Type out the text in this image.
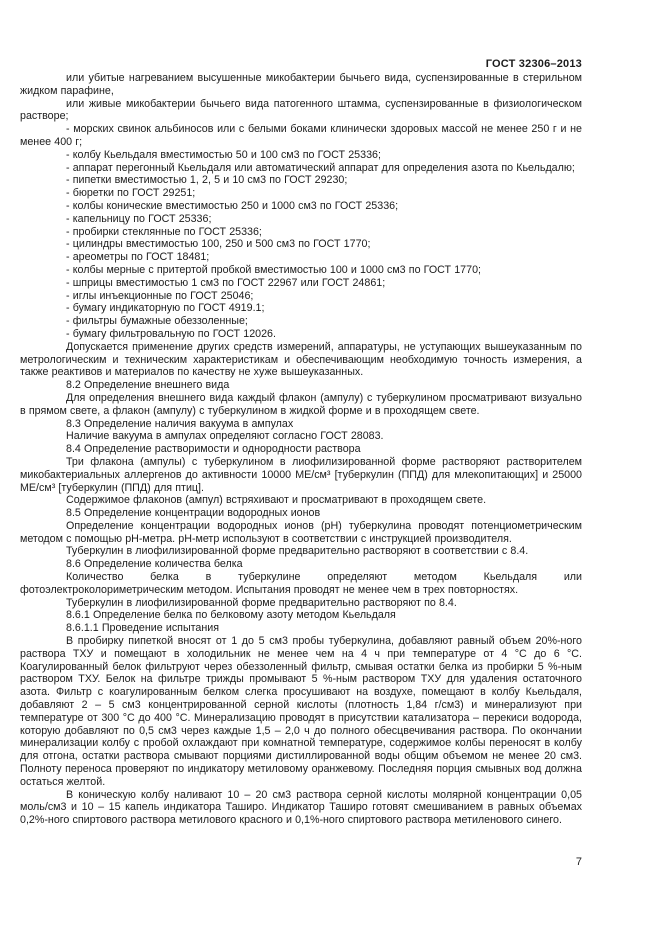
ГОСТ 32306–2013

или убитые нагреванием высушенные микобактерии бычьего вида, суспензированные в стерильном жидком парафине,

или живые микобактерии бычьего вида патогенного штамма, суспензированные в физиологическом растворе;

- морских свинок альбиносов или с белыми боками клинически здоровых массой не менее 250 г и не менее 400 г;

- колбу Кьельдаля вместимостью 50 и 100 см3 по ГОСТ 25336;

- аппарат перегонный Кьельдаля или автоматический аппарат для определения азота по Кьельдалю;

- пипетки вместимостью 1, 2, 5 и 10 см3 по ГОСТ 29230;

- бюретки по ГОСТ 29251;

- колбы конические вместимостью 250 и 1000 см3 по ГОСТ 25336;

- капельницу по ГОСТ 25336;

- пробирки стеклянные по ГОСТ 25336;

- цилиндры вместимостью 100, 250 и 500 см3 по ГОСТ 1770;

- ареометры по ГОСТ 18481;

- колбы мерные с притертой пробкой вместимостью 100 и 1000 см3 по ГОСТ 1770;

- шприцы вместимостью 1 см3 по ГОСТ 22967 или ГОСТ 24861;

- иглы инъекционные по ГОСТ 25046;

- бумагу индикаторную по ГОСТ 4919.1;

- фильтры бумажные обеззоленные;

- бумагу фильтровальную по ГОСТ 12026.

Допускается применение других средств измерений, аппаратуры, не уступающих вышеуказанным по метрологическим и техническим характеристикам и обеспечивающим необходимую точность измерения, а также реактивов и материалов по качеству не хуже вышеуказанных.

8.2 Определение внешнего вида

Для определения внешнего вида каждый флакон (ампулу) с туберкулином просматривают визуально в прямом свете, а флакон (ампулу) с туберкулином в жидкой форме и в проходящем свете.

8.3 Определение наличия вакуума в ампулах

Наличие вакуума в ампулах определяют согласно ГОСТ 28083.

8.4 Определение растворимости и однородности раствора

Три флакона (ампулы) с туберкулином в лиофилизированной форме растворяют растворителем микобактериальных аллергенов до активности 10000 МЕ/см³ [туберкулин (ППД) для млекопитающих] и 25000 МЕ/см³ [туберкулин (ППД) для птиц].

Содержимое флаконов (ампул) встряхивают и просматривают в проходящем свете.

8.5 Определение концентрации водородных ионов

Определение концентрации водородных ионов (рН) туберкулина проводят потенциометрическим методом с помощью рН-метра. рН-метр используют в соответствии с инструкцией производителя.

Туберкулин в лиофилизированной форме предварительно растворяют в соответствии с 8.4.

8.6 Определение количества белка

Количество белка в туберкулине определяют методом Кьельдаля или фотоэлектроколориметрическим методом. Испытания проводят не менее чем в трех повторностях.

Туберкулин в лиофилизированной форме предварительно растворяют по 8.4.

8.6.1 Определение белка по белковому азоту методом Кьельдаля

8.6.1.1 Проведение испытания

В пробирку пипеткой вносят от 1 до 5 см3 пробы туберкулина, добавляют равный объем 20%-ного раствора ТХУ и помещают в холодильник не менее чем на 4 ч при температуре от 4 °С до 6 °С. Коагулированный белок фильтруют через обеззоленный фильтр, смывая остатки белка из пробирки 5 %-ным раствором ТХУ. Белок на фильтре трижды промывают 5 %-ным раствором ТХУ для удаления остаточного азота. Фильтр с коагулированным белком слегка просушивают на воздухе, помещают в колбу Кьельдаля, добавляют 2 – 5 см3 концентрированной серной кислоты (плотность 1,84 г/см3) и минерализуют при температуре от 300 °С до 400 °С. Минерализацию проводят в присутствии катализатора – перекиси водорода, которую добавляют по 0,5 см3 через каждые 1,5 – 2,0 ч до полного обесцвечивания раствора. По окончании минерализации колбу с пробой охлаждают при комнатной температуре, содержимое колбы переносят в колбу для отгона, остатки раствора смывают порциями дистиллированной воды общим объемом не менее 20 см3. Полноту переноса проверяют по индикатору метиловому оранжевому. Последняя порция смывных вод должна остаться желтой.

В коническую колбу наливают 10 – 20 см3 раствора серной кислоты молярной концентрации 0,05 моль/см3 и 10 – 15 капель индикатора Таширо. Индикатор Таширо готовят смешиванием в равных объемах 0,2%-ного спиртового раствора метилового красного и 0,1%-ного спиртового раствора метиленового синего.

7
